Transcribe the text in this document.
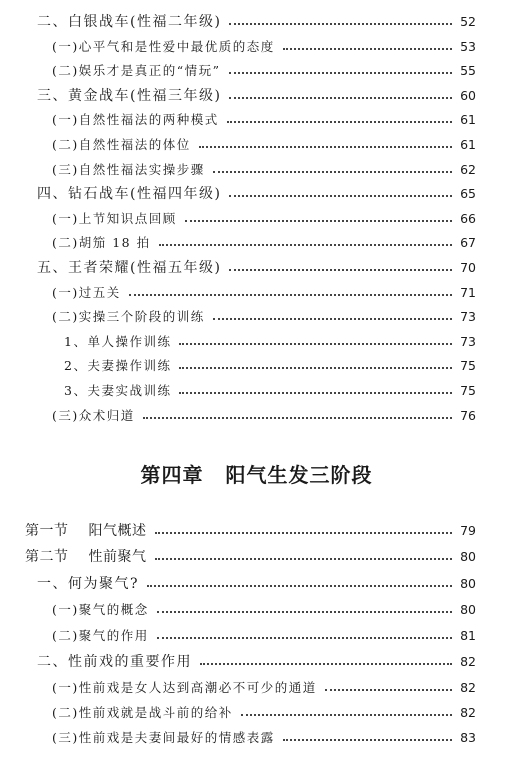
二、白银战车(性福二年级)	52
(一)心平气和是性爱中最优质的态度	53
(二)娱乐才是真正的“情玩”	55
三、黄金战车(性福三年级)	60
(一)自然性福法的两种模式	61
(二)自然性福法的体位	61
(三)自然性福法实操步骤	62
四、钻石战车(性福四年级)	65
(一)上节知识点回顾	66
(二)胡笳 18 拍	67
五、王者荣耀(性福五年级)	70
(一)过五关	71
(二)实操三个阶段的训练	73
1、单人操作训练	73
2、夫妻操作训练	75
3、夫妻实战训练	75
(三)众术归道	76
第一节 阳气概述	79
第二节 性前聚气	80
一、何为聚气?	80
(一)聚气的概念	80
(二)聚气的作用	81
二、性前戏的重要作用	82
(一)性前戏是女人达到高潮必不可少的通道	82
(二)性前戏就是战斗前的给补	82
(三)性前戏是夫妻间最好的情感表露	83
第四章 阳气生发三阶段
